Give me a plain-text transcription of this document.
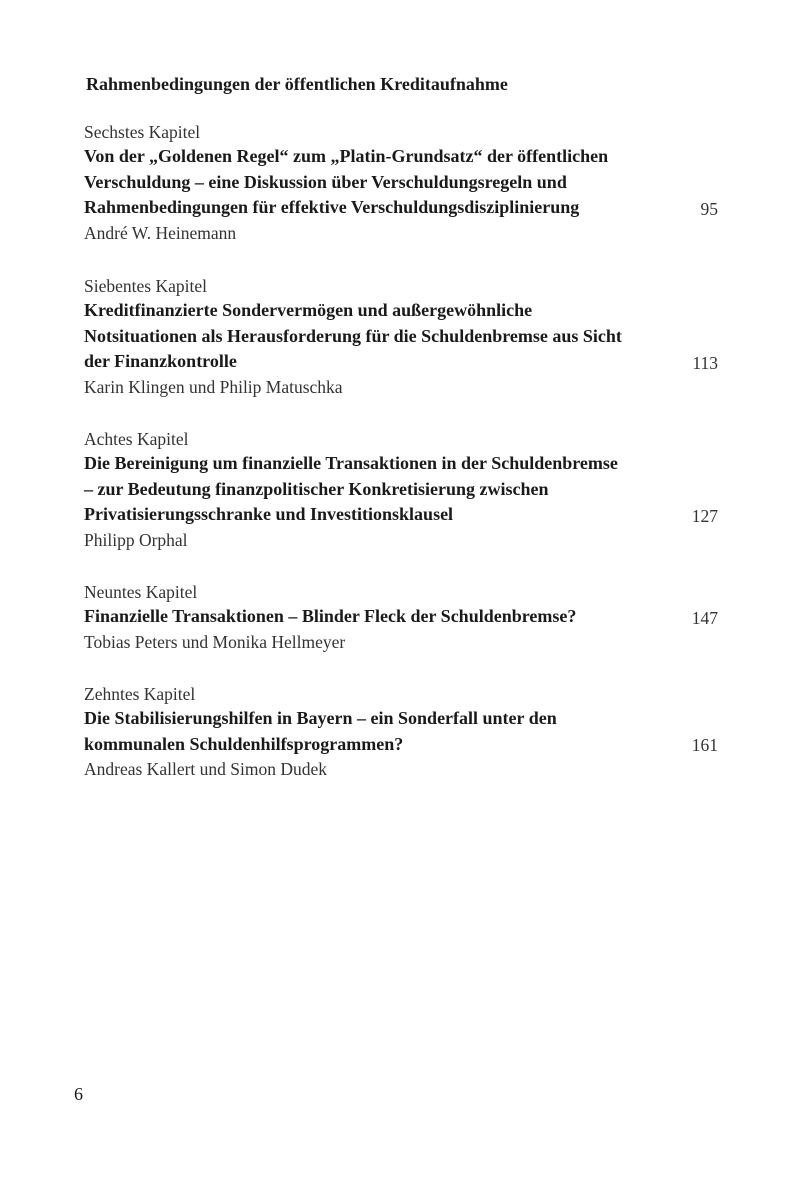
Rahmenbedingungen der öffentlichen Kreditaufnahme

Sechstes Kapitel

Von der „Goldenen Regel“ zum „Platin-Grundsatz“ der öffentlichen
Verschuldung – eine Diskussion über Verschuldungsregeln und
Rahmenbedingungen für effektive Verschuldungsdisziplinierung	95

André W. Heinemann

Siebentes Kapitel

Kreditfinanzierte Sondervermögen und außergewöhnliche
Notsituationen als Herausforderung für die Schuldenbremse aus Sicht
der Finanzkontrolle	113

Karin Klingen und Philip Matuschka

Achtes Kapitel

Die Bereinigung um finanzielle Transaktionen in der Schuldenbremse
– zur Bedeutung finanzpolitischer Konkretisierung zwischen
Privatisierungsschranke und Investitionsklausel	127

Philipp Orphal

Neuntes Kapitel

Finanzielle Transaktionen – Blinder Fleck der Schuldenbremse?	147

Tobias Peters und Monika Hellmeyer

Zehntes Kapitel

Die Stabilisierungshilfen in Bayern – ein Sonderfall unter den
kommunalen Schuldenhilfsprogrammen?	161

Andreas Kallert und Simon Dudek

6
